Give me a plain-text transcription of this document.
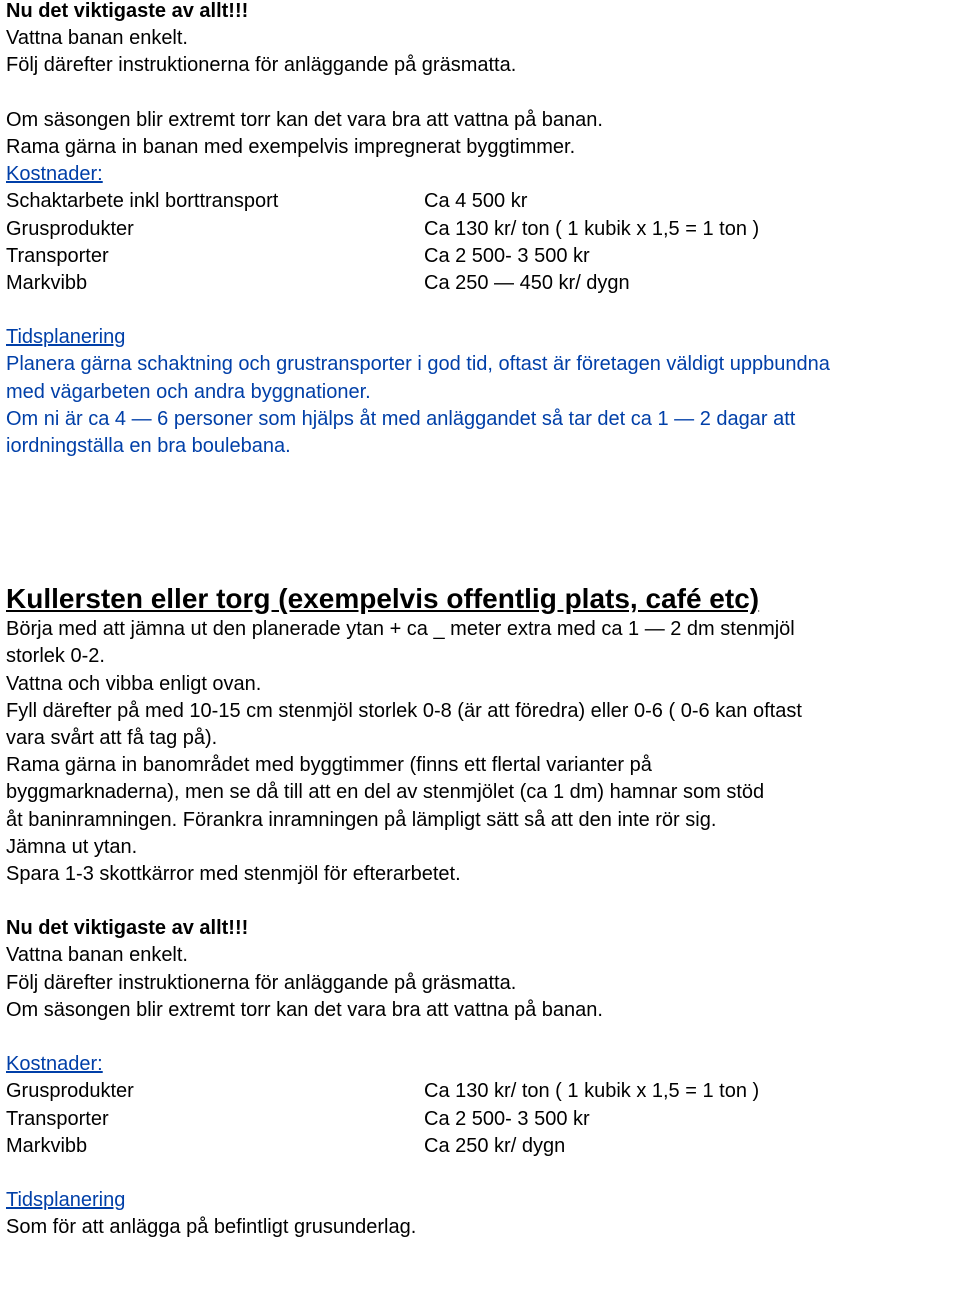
Nu det viktigaste av allt!!!
Vattna banan enkelt.
Följ därefter instruktionerna för anläggande på gräsmatta.
Om säsongen blir extremt torr kan det vara bra att vattna på banan.
Rama gärna in banan med exempelvis impregnerat byggtimmer.
Kostnader:
Schaktarbete inkl borttransport	Ca 4 500 kr
Grusprodukter	Ca 130 kr/ ton ( 1 kubik x 1,5 = 1 ton )
Transporter	Ca 2 500- 3 500 kr
Markvibb	Ca 250 — 450 kr/ dygn
Tidsplanering
Planera gärna schaktning och grustransporter i god tid, oftast är företagen väldigt uppbundna
med vägarbeten och andra byggnationer.
Om ni är ca 4 — 6 personer som hjälps åt med anläggandet så tar det ca 1 — 2 dagar att
iordningställa en bra boulebana.
Kullersten eller torg (exempelvis offentlig plats, café etc)
Börja med att jämna ut den planerade ytan + ca _ meter extra med ca 1 — 2 dm stenmjöl
storlek 0-2.
Vattna och vibba enligt ovan.
Fyll därefter på med 10-15 cm stenmjöl storlek 0-8 (är att föredra) eller 0-6 ( 0-6 kan oftast
vara svårt att få tag på).
Rama gärna in banområdet med byggtimmer (finns ett flertal varianter på
byggmarknaderna), men se då till att en del av stenmjölet (ca 1 dm) hamnar som stöd
åt baninramningen. Förankra inramningen på lämpligt sätt så att den inte rör sig.
Jämna ut ytan.
Spara 1-3 skottkärror med stenmjöl för efterarbetet.
Nu det viktigaste av allt!!!
Vattna banan enkelt.
Följ därefter instruktionerna för anläggande på gräsmatta.
Om säsongen blir extremt torr kan det vara bra att vattna på banan.
Kostnader:
Grusprodukter	Ca 130 kr/ ton ( 1 kubik x 1,5 = 1 ton )
Transporter	Ca 2 500- 3 500 kr
Markvibb	Ca 250 kr/ dygn
Tidsplanering
Som för att anlägga på befintligt grusunderlag.
